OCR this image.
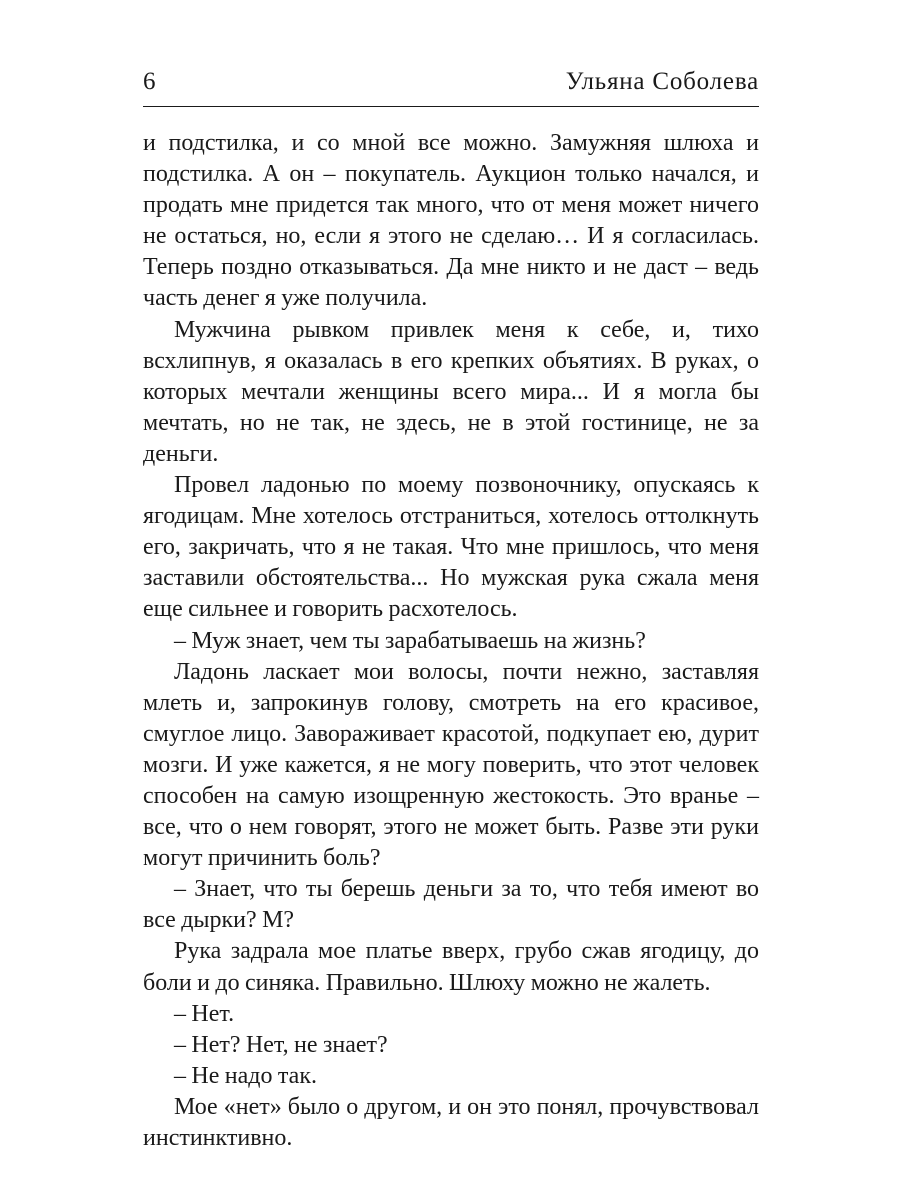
6	Ульяна Соболева

и подстилка, и со мной все можно. Замужняя шлюха и подстилка. А он – покупатель. Аукцион только начался, и продать мне придется так много, что от меня может ничего не остаться, но, если я этого не сделаю… И я согласилась. Теперь поздно отказываться. Да мне никто и не даст – ведь часть денег я уже получила.

Мужчина рывком привлек меня к себе, и, тихо всхлипнув, я оказалась в его крепких объятиях. В руках, о которых мечтали женщины всего мира... И я могла бы мечтать, но не так, не здесь, не в этой гостинице, не за деньги.

Провел ладонью по моему позвоночнику, опускаясь к ягодицам. Мне хотелось отстраниться, хотелось оттолкнуть его, закричать, что я не такая. Что мне пришлось, что меня заставили обстоятельства... Но мужская рука сжала меня еще сильнее и говорить расхотелось.

– Муж знает, чем ты зарабатываешь на жизнь?

Ладонь ласкает мои волосы, почти нежно, заставляя млеть и, запрокинув голову, смотреть на его красивое, смуглое лицо. Завораживает красотой, подкупает ею, дурит мозги. И уже кажется, я не могу поверить, что этот человек способен на самую изощренную жестокость. Это вранье – все, что о нем говорят, этого не может быть. Разве эти руки могут причинить боль?

– Знает, что ты берешь деньги за то, что тебя имеют во все дырки? М?

Рука задрала мое платье вверх, грубо сжав ягодицу, до боли и до синяка. Правильно. Шлюху можно не жалеть.

– Нет.

– Нет? Нет, не знает?

– Не надо так.

Мое «нет» было о другом, и он это понял, прочувствовал инстинктивно.
